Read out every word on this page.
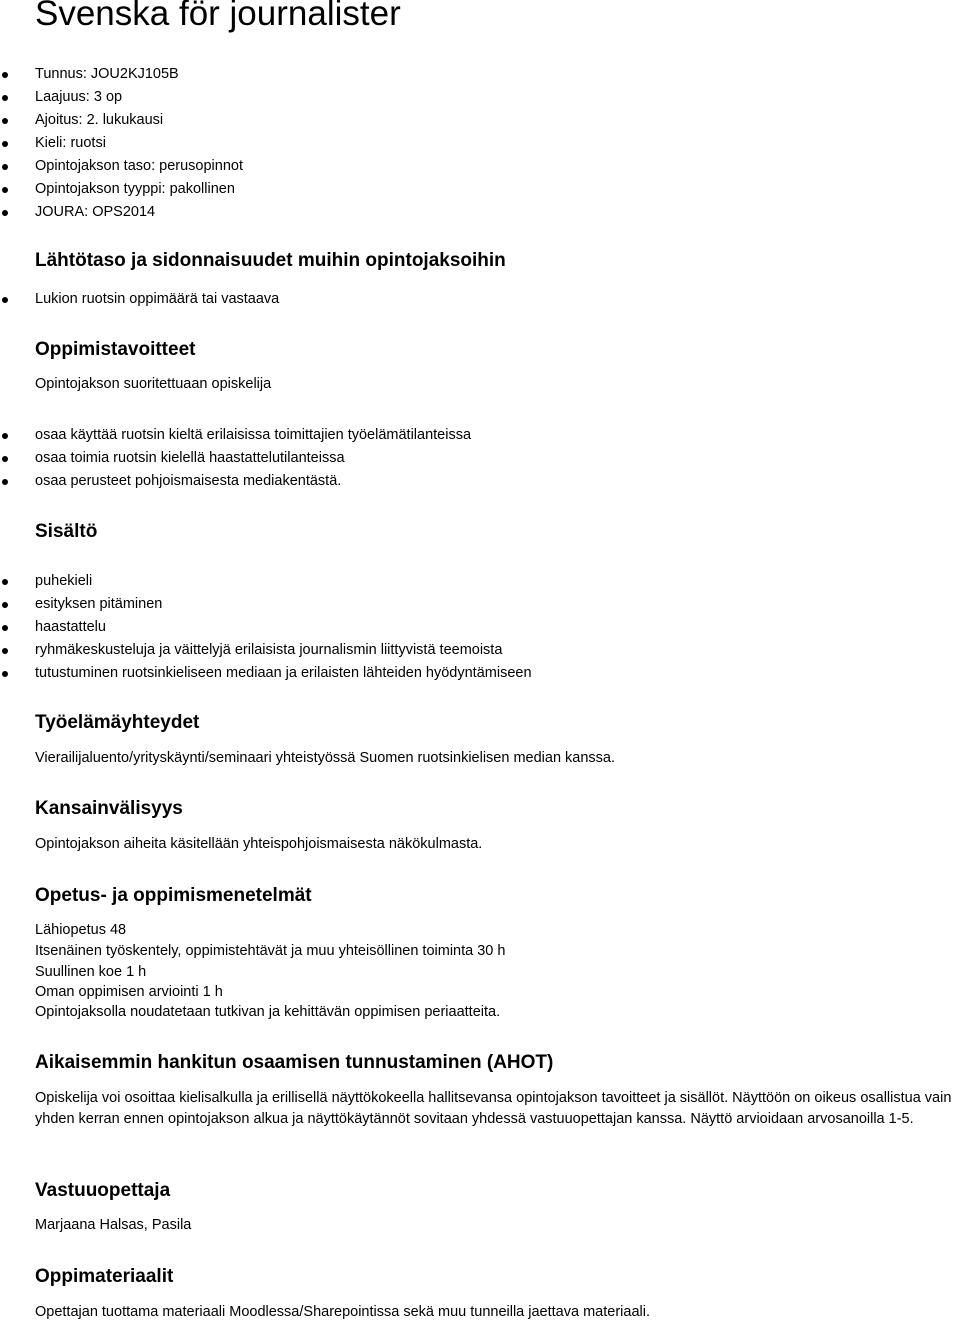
Svenska för journalister
Tunnus: JOU2KJ105B
Laajuus: 3 op
Ajoitus: 2. lukukausi
Kieli: ruotsi
Opintojakson taso: perusopinnot
Opintojakson tyyppi: pakollinen
JOURA: OPS2014
Lähtötaso ja sidonnaisuudet muihin opintojaksoihin
Lukion ruotsin oppimäärä tai vastaava
Oppimistavoitteet

Opintojakson suoritettuaan opiskelija

osaa käyttää ruotsin kieltä erilaisissa toimittajien työelämätilanteissa
osaa toimia ruotsin kielellä haastattelutilanteissa
osaa perusteet pohjoismaisesta mediakentästä.
Sisältö
puhekieli
esityksen pitäminen
haastattelu
ryhmäkeskusteluja ja väittelyjä erilaisista journalismin liittyvistä teemoista
tutustuminen ruotsinkieliseen mediaan ja erilaisten lähteiden hyödyntämiseen
Työelämäyhteydet

Vierailijaluento/yrityskäynti/seminaari yhteistyössä Suomen ruotsinkielisen median kanssa.

Kansainvälisyys

Opintojakson aiheita käsitellään yhteispohjoismaisesta näkökulmasta.

Opetus- ja oppimismenetelmät

Lähiopetus 48

Itsenäinen työskentely, oppimistehtävät ja muu yhteisöllinen toiminta 30 h

Suullinen koe 1 h

Oman oppimisen arviointi 1 h

Opintojaksolla noudatetaan tutkivan ja kehittävän oppimisen periaatteita.

Aikaisemmin hankitun osaamisen tunnustaminen (AHOT)

Opiskelija voi osoittaa kielisalkulla ja erillisellä näyttökokeella hallitsevansa opintojakson tavoitteet ja sisällöt. Näyttöön on oikeus osallistua vain yhden kerran ennen opintojakson alkua ja näyttökäytännöt sovitaan yhdessä vastuuopettajan kanssa. Näyttö arvioidaan arvosanoilla 1-5.

Vastuuopettaja

Marjaana Halsas, Pasila

Oppimateriaalit

Opettajan tuottama materiaali Moodlessa/Sharepointissa sekä muu tunneilla jaettava materiaali.
